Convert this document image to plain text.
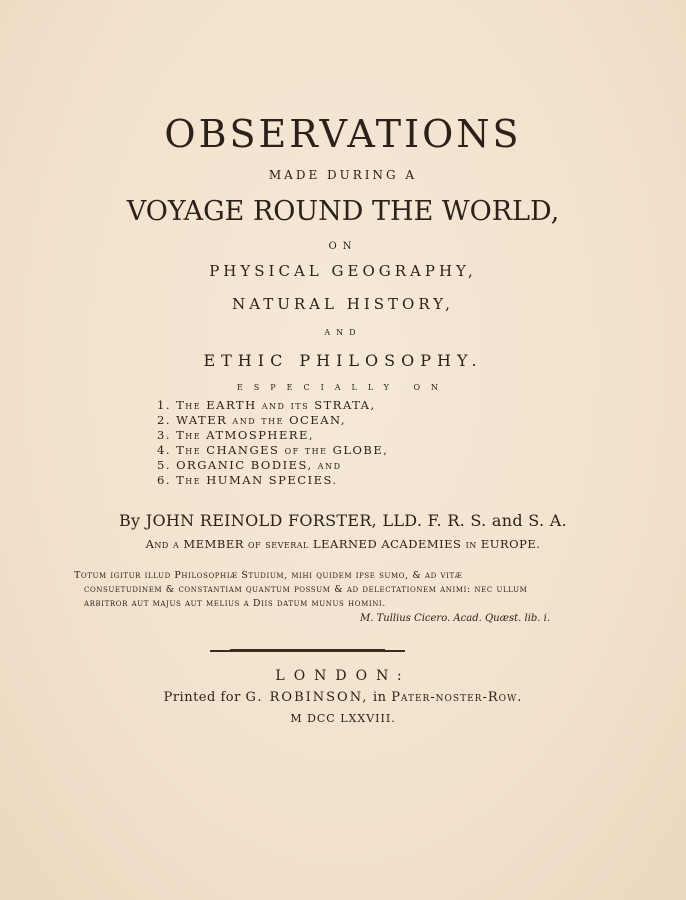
OBSERVATIONS
MADE DURING A
VOYAGE ROUND THE WORLD,
ON
PHYSICAL GEOGRAPHY,
NATURAL HISTORY,
AND
ETHIC PHILOSOPHY.
ESPECIALLY ON
1. The EARTH and its STRATA,
2. WATER and the OCEAN,
3. The ATMOSPHERE,
4. The CHANGES of the GLOBE,
5. ORGANIC BODIES, and
6. The HUMAN SPECIES.
By JOHN REINOLD FORSTER, LLD. F. R. S. and S. A.
And a MEMBER of several LEARNED ACADEMIES in EUROPE.
Totum igitur illud Philosophiæ Studium, mihi quidem ipse sumo, & ad vitæ
consuetudinem & constantiam quantum possum & ad delectationem animi: nec ullum
arbitror aut majus aut melius a Diis datum munus homini.
M. Tullius Cicero. Acad. Quæst. lib. i.
LONDON:
Printed for G. ROBINSON, in Pater-noster-Row.
M DCC LXXVIII.
